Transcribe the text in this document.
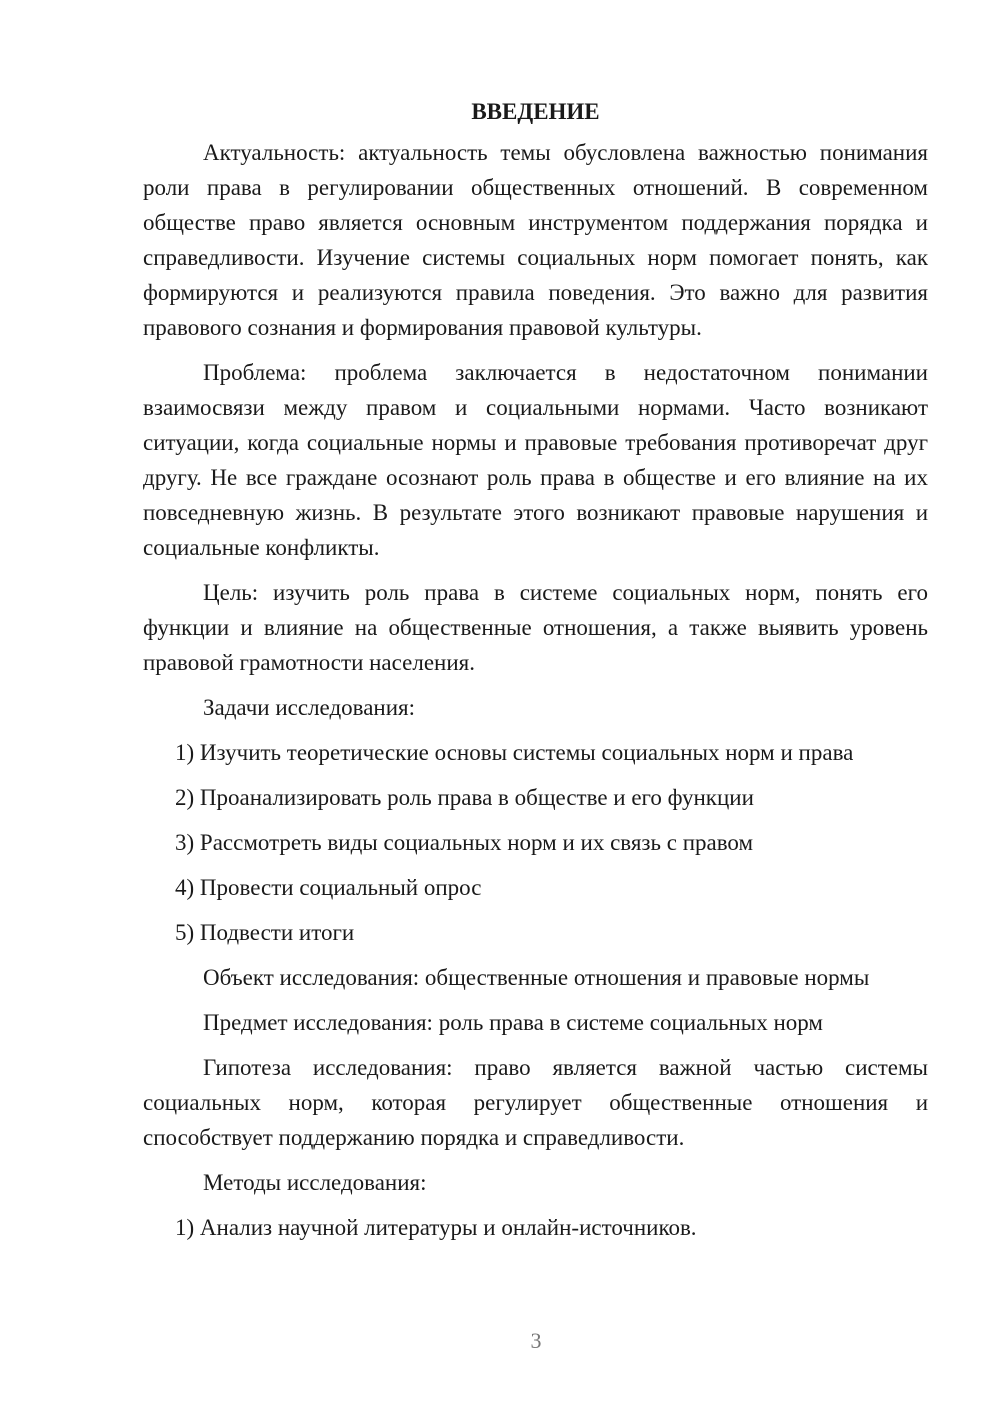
ВВЕДЕНИЕ

Актуальность: актуальность темы обусловлена важностью понимания роли права в регулировании общественных отношений. В современном обществе право является основным инструментом поддержания порядка и справедливости. Изучение системы социальных норм помогает понять, как формируются и реализуются правила поведения. Это важно для развития правового сознания и формирования правовой культуры.

Проблема: проблема заключается в недостаточном понимании взаимосвязи между правом и социальными нормами. Часто возникают ситуации, когда социальные нормы и правовые требования противоречат друг другу. Не все граждане осознают роль права в обществе и его влияние на их повседневную жизнь. В результате этого возникают правовые нарушения и социальные конфликты.

Цель: изучить роль права в системе социальных норм, понять его функции и влияние на общественные отношения, а также выявить уровень правовой грамотности населения.

Задачи исследования:
1) Изучить теоретические основы системы социальных норм и права
2) Проанализировать роль права в обществе и его функции
3) Рассмотреть виды социальных норм и их связь с правом
4) Провести социальный опрос
5) Подвести итоги
Объект исследования: общественные отношения и правовые нормы
Предмет исследования: роль права в системе социальных норм

Гипотеза исследования: право является важной частью системы социальных норм, которая регулирует общественные отношения и способствует поддержанию порядка и справедливости.

Методы исследования:
1) Анализ научной литературы и онлайн-источников.
3
